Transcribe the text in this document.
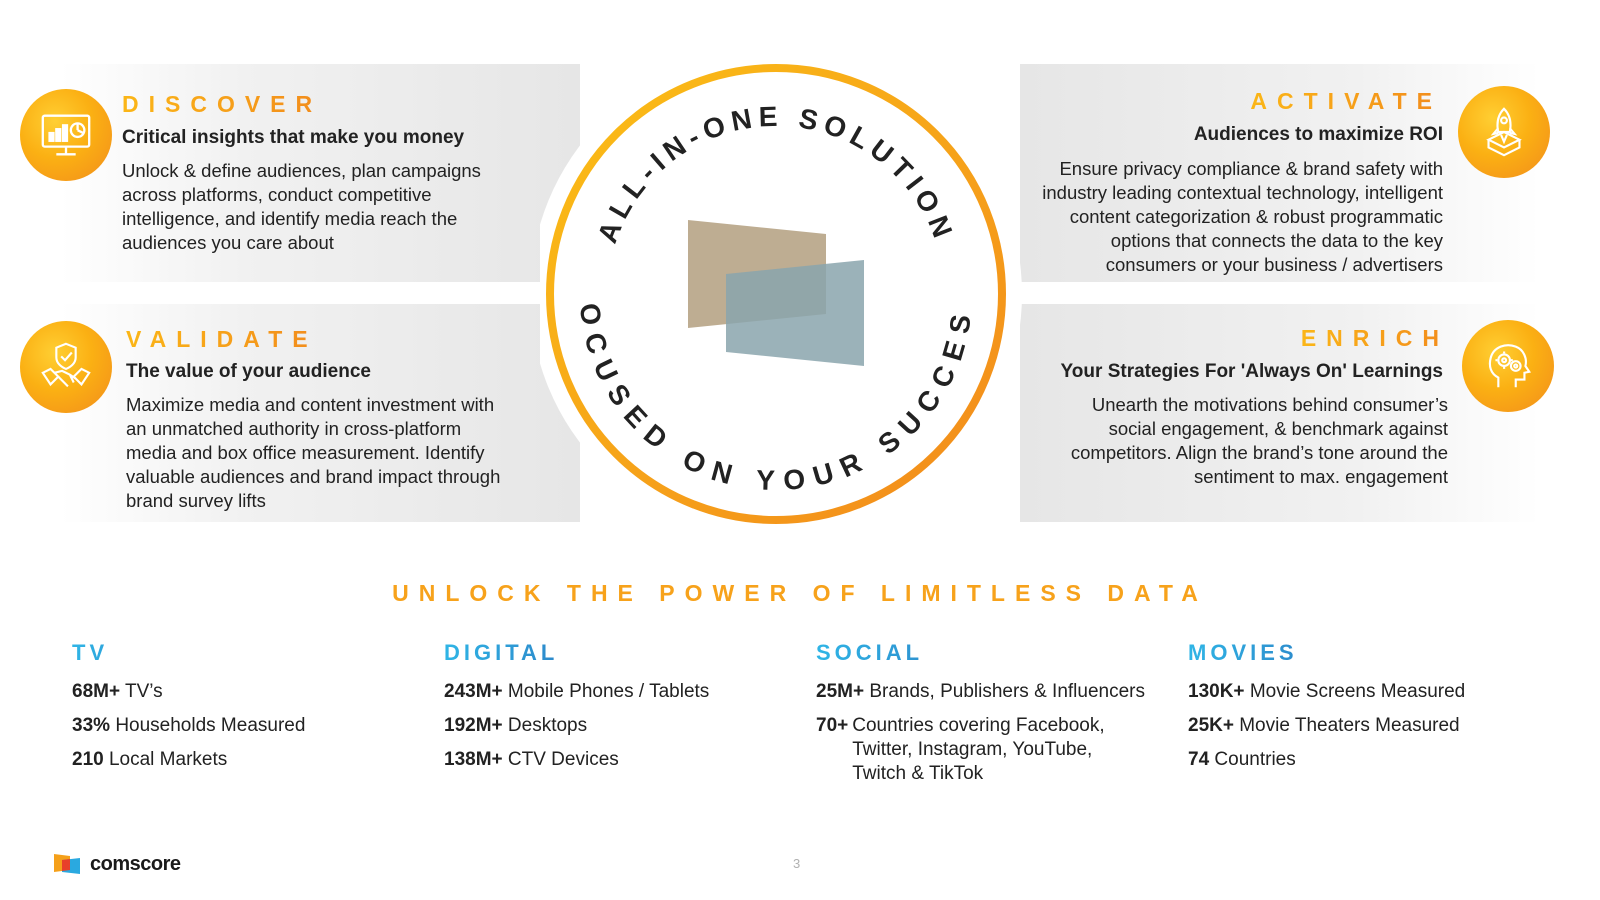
DISCOVER
Critical insights that make you money
Unlock & define audiences, plan campaigns
across platforms, conduct competitive
intelligence, and identify media reach the
audiences you care about
ACTIVATE
Audiences to maximize ROI
Ensure privacy compliance & brand safety with
industry leading contextual technology, intelligent
content categorization & robust programmatic
options that connects the data to the key
consumers or your business / advertisers
VALIDATE
The value of your audience
Maximize media and content investment with
an unmatched authority in cross-platform
media and box office measurement. Identify
valuable audiences and brand impact through
brand survey lifts
ENRICH
Your Strategies For 'Always On' Learnings
Unearth the motivations behind consumer’s
social engagement, & benchmark against
competitors. Align the brand’s tone around the
sentiment to max. engagement
ALL-IN-ONE SOLUTION
OCUSED ON YOUR SUCCES
UNLOCK THE POWER OF LIMITLESS DATA
TV
68M+ TV’s
33% Households Measured
210 Local Markets
DIGITAL
243M+ Mobile Phones / Tablets
192M+ Desktops
138M+ CTV Devices
SOCIAL
25M+ Brands, Publishers & Influencers
70+ Countries covering Facebook,
Twitter, Instagram, YouTube,
Twitch & TikTok
MOVIES
130K+ Movie Screens Measured
25K+ Movie Theaters Measured
74 Countries
comscore	3
